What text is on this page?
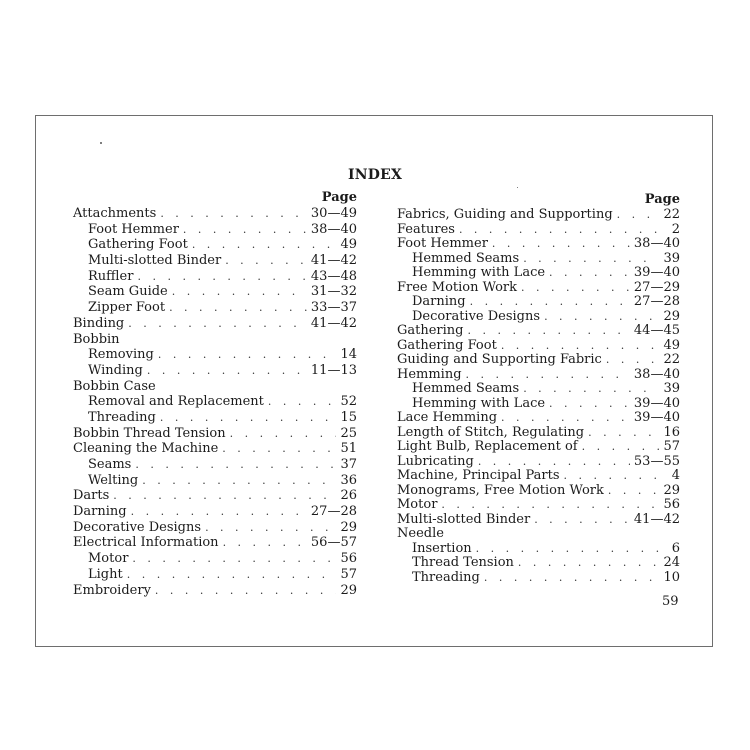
INDEX
Page
Attachments . . .	30—49
Foot Hemmer . . .	38—40
Gathering Foot . . .	49
Multi-slotted Binder . . .	41—42
Ruffler . . .	43—48
Seam Guide . . .	31—32
Zipper Foot . . .	33—37
Binding . . .	41—42
Bobbin
Removing . . .	14
Winding . . .	11—13
Bobbin Case
Removal and Replacement . . .	52
Threading . . .	15
Bobbin Thread Tension . . .	25
Cleaning the Machine . . .	51
Seams . . .	37
Welting . . .	36
Darts . . .	26
Darning . . .	27—28
Decorative Designs . . .	29
Electrical Information . . .	56—57
Motor . . .	56
Light . . .	57
Embroidery . . .	29
Page
Fabrics, Guiding and Supporting . . .	22
Features . . .	2
Foot Hemmer . . .	38—40
Hemmed Seams . . .	39
Hemming with Lace . . .	39—40
Free Motion Work . . .	27—29
Darning . . .	27—28
Decorative Designs . . .	29
Gathering . . .	44—45
Gathering Foot . . .	49
Guiding and Supporting Fabric . . .	22
Hemming . . .	38—40
Hemmed Seams . . .	39
Hemming with Lace . . .	39—40
Lace Hemming . . .	39—40
Length of Stitch, Regulating . . .	16
Light Bulb, Replacement of . . .	57
Lubricating . . .	53—55
Machine, Principal Parts . . .	4
Monograms, Free Motion Work . . .	29
Motor . . .	56
Multi-slotted Binder . . .	41—42
Needle
Insertion . . .	6
Thread Tension . . .	24
Threading . . .	10
59
